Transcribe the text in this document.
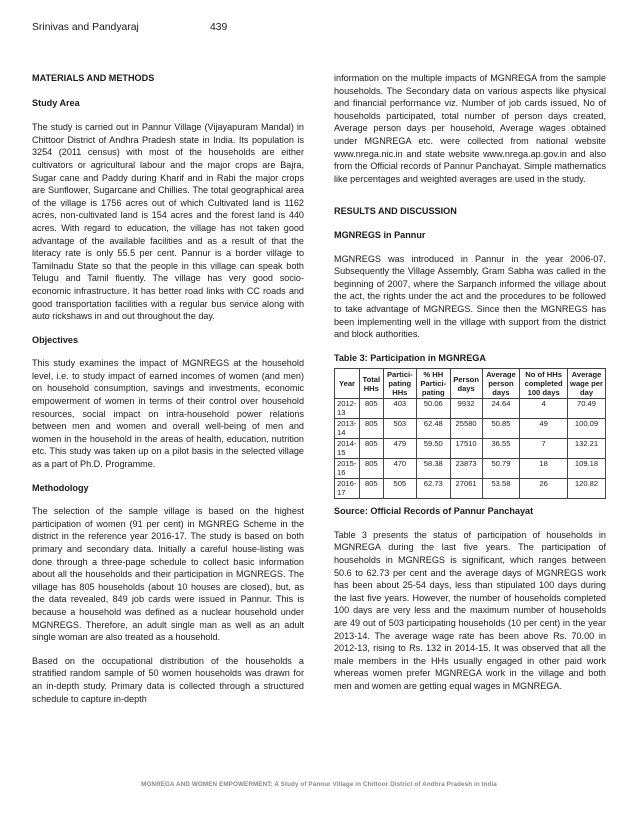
Srinivas and Pandyaraj	439

MATERIALS AND METHODS

Study Area

The study is carried out in Pannur Village (Vijayapuram Mandal) in Chittoor District of Andhra Pradesh state in India. Its population is 3254 (2011 census) with most of the households are either cultivators or agricultural labour and the major crops are Bajra, Sugar cane and Paddy during Kharif and in Rabi the major crops are Sunflower, Sugarcane and Chillies. The total geographical area of the village is 1756 acres out of which Cultivated land is 1162 acres, non-cultivated land is 154 acres and the forest land is 440 acres. With regard to education, the village has not taken good advantage of the available facilities and as a result of that the literacy rate is only 55.5 per cent. Pannur is a border village to Tamilnadu State so that the people in this village can speak both Telugu and Tamil fluently. The village has very good socio-economic infrastructure. It has better road links with CC roads and good transportation facilities with a regular bus service along with auto rickshaws in and out throughout the day.

Objectives

This study examines the impact of MGNREGS at the household level, i.e. to study impact of earned incomes of women (and men) on household consumption, savings and investments, economic empowerment of women in terms of their control over household resources, social impact on intra-household power relations between men and women and overall well-being of men and women in the household in the areas of health, education, nutrition etc. This study was taken up on a pilot basis in the selected village as a part of Ph.D. Programme.

Methodology

The selection of the sample village is based on the highest participation of women (91 per cent) in MGNREG Scheme in the district in the reference year 2016-17. The study is based on both primary and secondary data. Initially a careful house-listing was done through a three-page schedule to collect basic information about all the households and their participation in MGNREGS. The village has 805 households (about 10 houses are closed), but, as the data revealed, 849 job cards were issued in Pannur. This is because a household was defined as a nuclear household under MGNREGS. Therefore, an adult single man as well as an adult single woman are also treated as a household.

Based on the occupational distribution of the households a stratified random sample of 50 women households was drawn for an in-depth study. Primary data is collected through a structured schedule to capture in-depth

information on the multiple impacts of MGNREGA from the sample households. The Secondary data on various aspects like physical and financial performance viz. Number of job cards issued, No of households participated, total number of person days created, Average person days per household, Average wages obtained under MGNREGA etc. were collected from national website www.nrega.nic.in and state website www.nrega.ap.gov.in and also from the Official records of Pannur Panchayat. Simple mathematics like percentages and weighted averages are used in the study.

RESULTS AND DISCUSSION

MGNREGS in Pannur

MGNREGS was introduced in Pannur in the year 2006-07. Subsequently the Village Assembly, Gram Sabha was called in the beginning of 2007, where the Sarpanch informed the village about the act, the rights under the act and the procedures to be followed to take advantage of MGNREGS. Since then the MGNREGS has been implementing well in the village with support from the district and block authorities.

Table 3: Participation in MGNREGA

Year	Total HHs	Partici-pating HHs	% HH Partici-pating	Person days	Average person days	No of HHs completed 100 days	Average wage per day
2012-13	805	403	50.06	9932	24.64	4	70.49
2013-14	805	503	62.48	25580	50.85	49	100.09
2014-15	805	479	59.50	17510	36.55	7	132.21
2015-16	805	470	58.38	23873	50.79	18	109.18
2016-17	805	505	62.73	27061	53.58	26	120.82

Source: Official Records of Pannur Panchayat

Table 3 presents the status of participation of households in MGNREGA during the last five years. The participation of households in MGNREGS is significant, which ranges between 50.6 to 62.73 per cent and the average days of MGNREGS work has been about 25-54 days, less than stipulated 100 days during the last five years. However, the number of households completed 100 days are very less and the maximum number of households are 49 out of 503 participating households (10 per cent) in the year 2013-14. The average wage rate has been above Rs. 70.00 in 2012-13, rising to Rs. 132 in 2014-15. It was observed that all the male members in the HHs usually engaged in other paid work whereas women prefer MGNREGA work in the village and both men and women are getting equal wages in MGNREGA.

MGNREGA AND WOMEN EMPOWERMENT: A Study of Pannur Village in Chittoor District of Andhra Pradesh in India
